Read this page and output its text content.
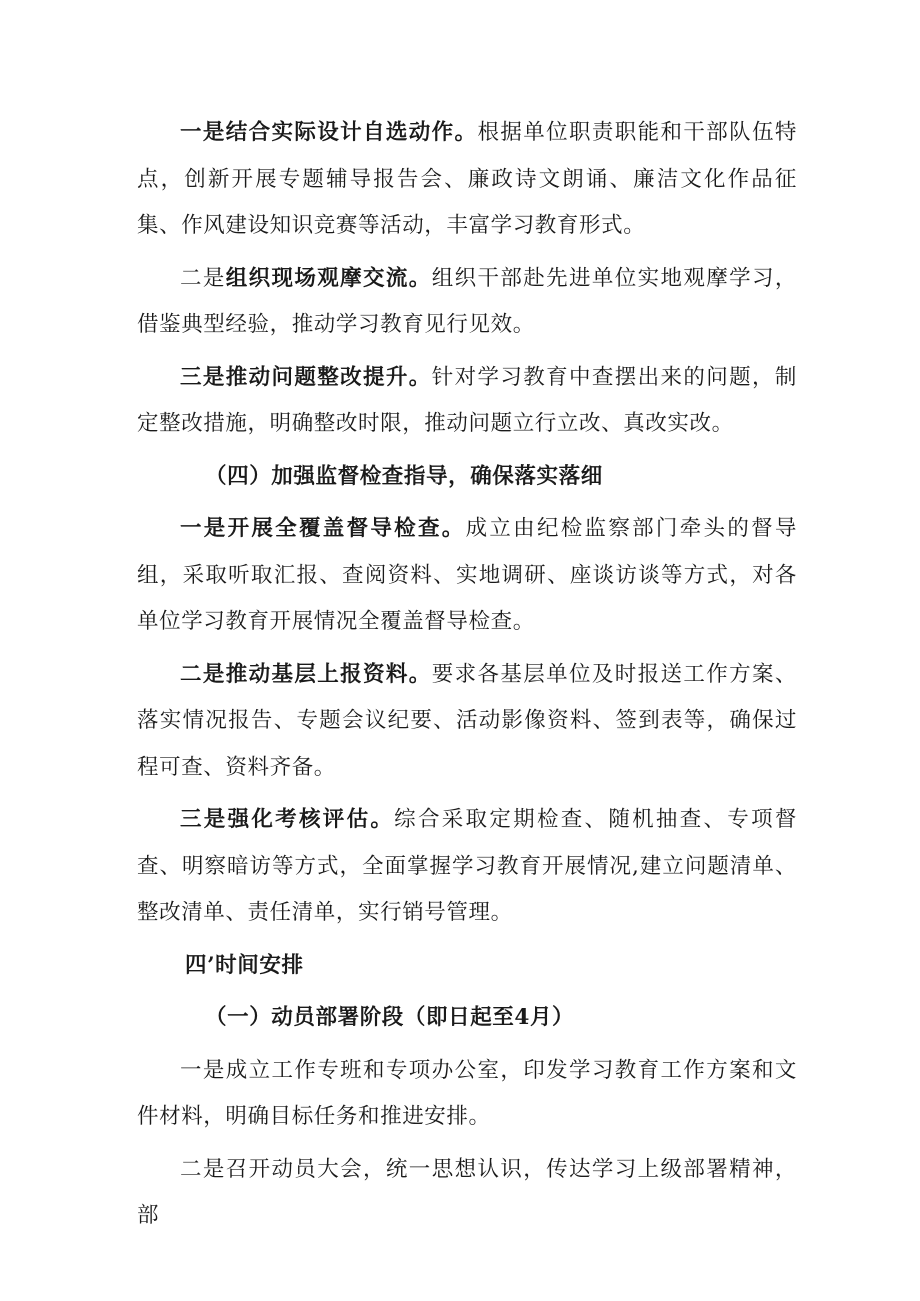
一是结合实际设计自选动作。根据单位职责职能和干部队伍特点，创新开展专题辅导报告会、廉政诗文朗诵、廉洁文化作品征集、作风建设知识竞赛等活动，丰富学习教育形式。

二是组织现场观摩交流。组织干部赴先进单位实地观摩学习，借鉴典型经验，推动学习教育见行见效。

三是推动问题整改提升。针对学习教育中查摆出来的问题，制定整改措施，明确整改时限，推动问题立行立改、真改实改。

（四）加强监督检查指导，确保落实落细

一是开展全覆盖督导检查。成立由纪检监察部门牵头的督导组，采取听取汇报、查阅资料、实地调研、座谈访谈等方式，对各单位学习教育开展情况全覆盖督导检查。

二是推动基层上报资料。要求各基层单位及时报送工作方案、落实情况报告、专题会议纪要、活动影像资料、签到表等，确保过程可查、资料齐备。

三是强化考核评估。综合采取定期检查、随机抽查、专项督查、明察暗访等方式，全面掌握学习教育开展情况,建立问题清单、整改清单、责任清单，实行销号管理。

四’时间安排
（一）动员部署阶段（即日起至4月）

一是成立工作专班和专项办公室，印发学习教育工作方案和文件材料，明确目标任务和推进安排。

二是召开动员大会，统一思想认识，传达学习上级部署精神，部
